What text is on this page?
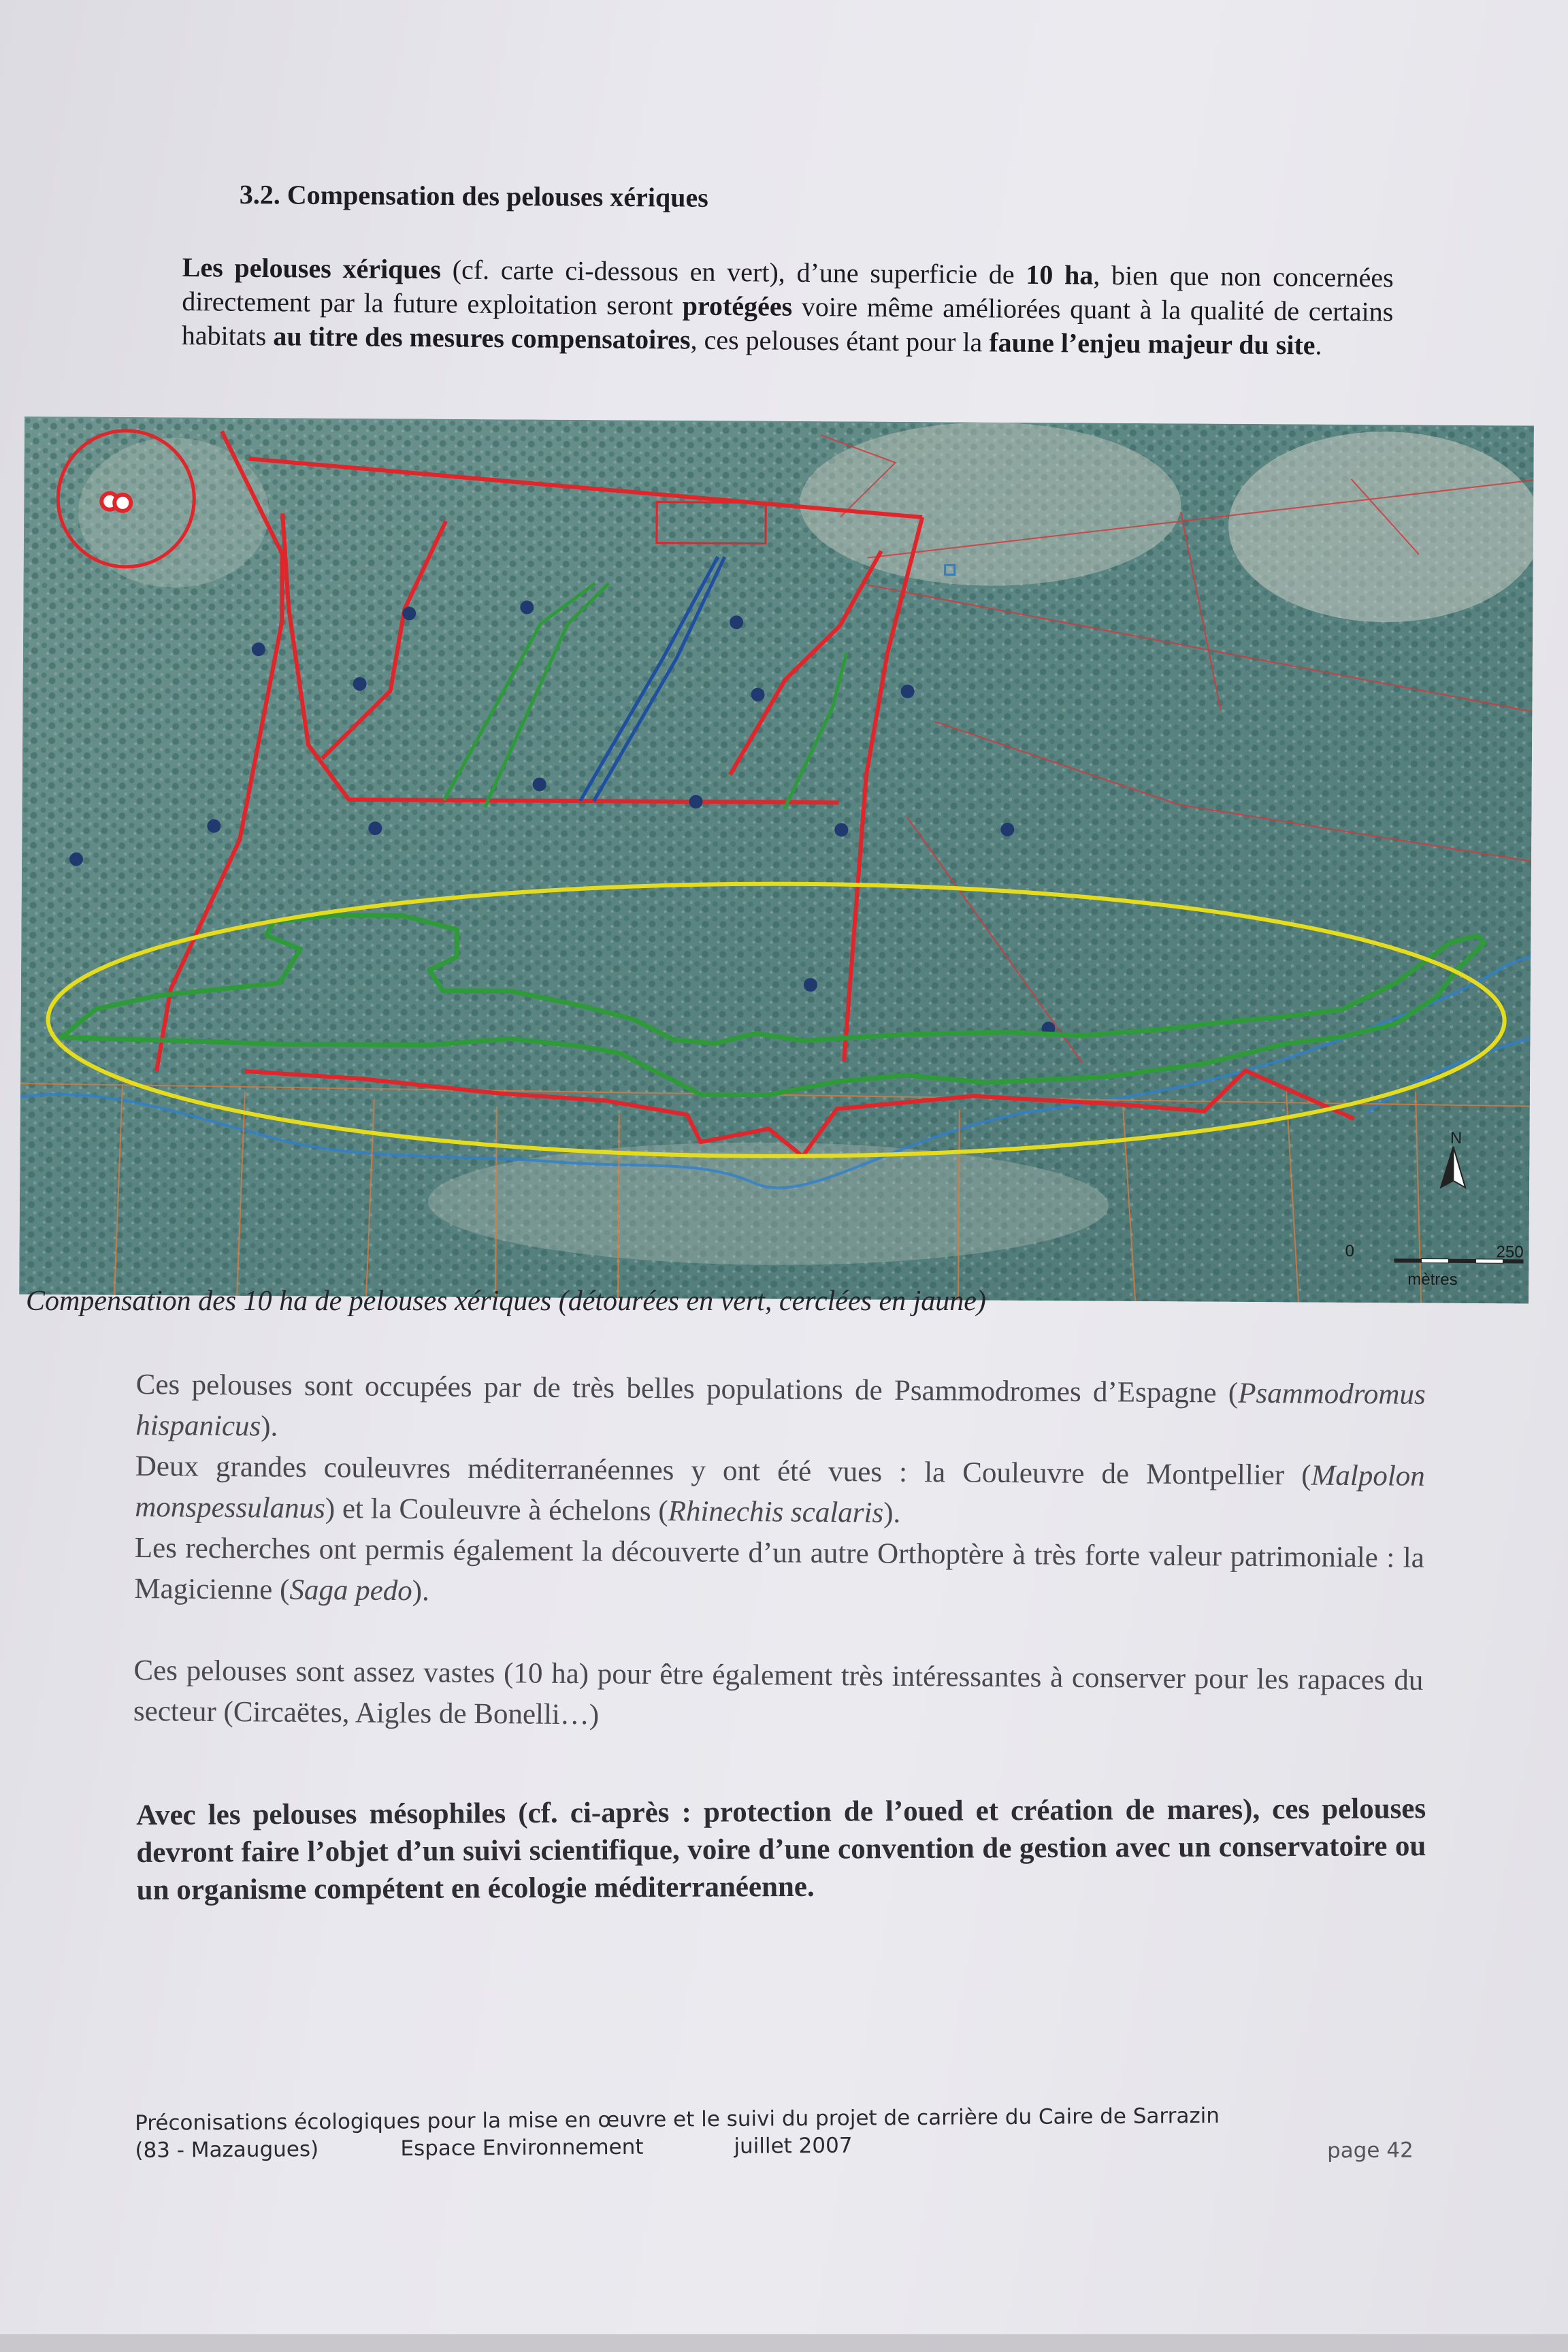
3.2. Compensation des pelouses xériques
Les pelouses xériques (cf. carte ci-dessous en vert), d’une superficie de 10 ha, bien que non concernées directement par la future exploitation seront protégées voire même améliorées quant à la qualité de certains habitats au titre des mesures compensatoires, ces pelouses étant pour la faune l’enjeu majeur du site.
N
0	250
mètres
Compensation des 10 ha de pelouses xériques (détourées en vert, cerclées en jaune)

Ces pelouses sont occupées par de très belles populations de Psammodromes d’Espagne (Psammodromus hispanicus).

Deux grandes couleuvres méditerranéennes y ont été vues : la Couleuvre de Montpellier (Malpolon monspessulanus) et la Couleuvre à échelons (Rhinechis scalaris).

Les recherches ont permis également la découverte d’un autre Orthoptère à très forte valeur patrimoniale : la Magicienne (Saga pedo).

Ces pelouses sont assez vastes (10 ha) pour être également très intéressantes à conserver pour les rapaces du secteur (Circaëtes, Aigles de Bonelli…)

Avec les pelouses mésophiles (cf. ci-après : protection de l’oued et création de mares), ces pelouses devront faire l’objet d’un suivi scientifique, voire d’une convention de gestion avec un conservatoire ou un organisme compétent en écologie méditerranéenne.
Préconisations écologiques pour la mise en œuvre et le suivi du projet de carrière du Caire de Sarrazin
(83 - Mazaugues)	Espace Environnement	juillet 2007	page 42
